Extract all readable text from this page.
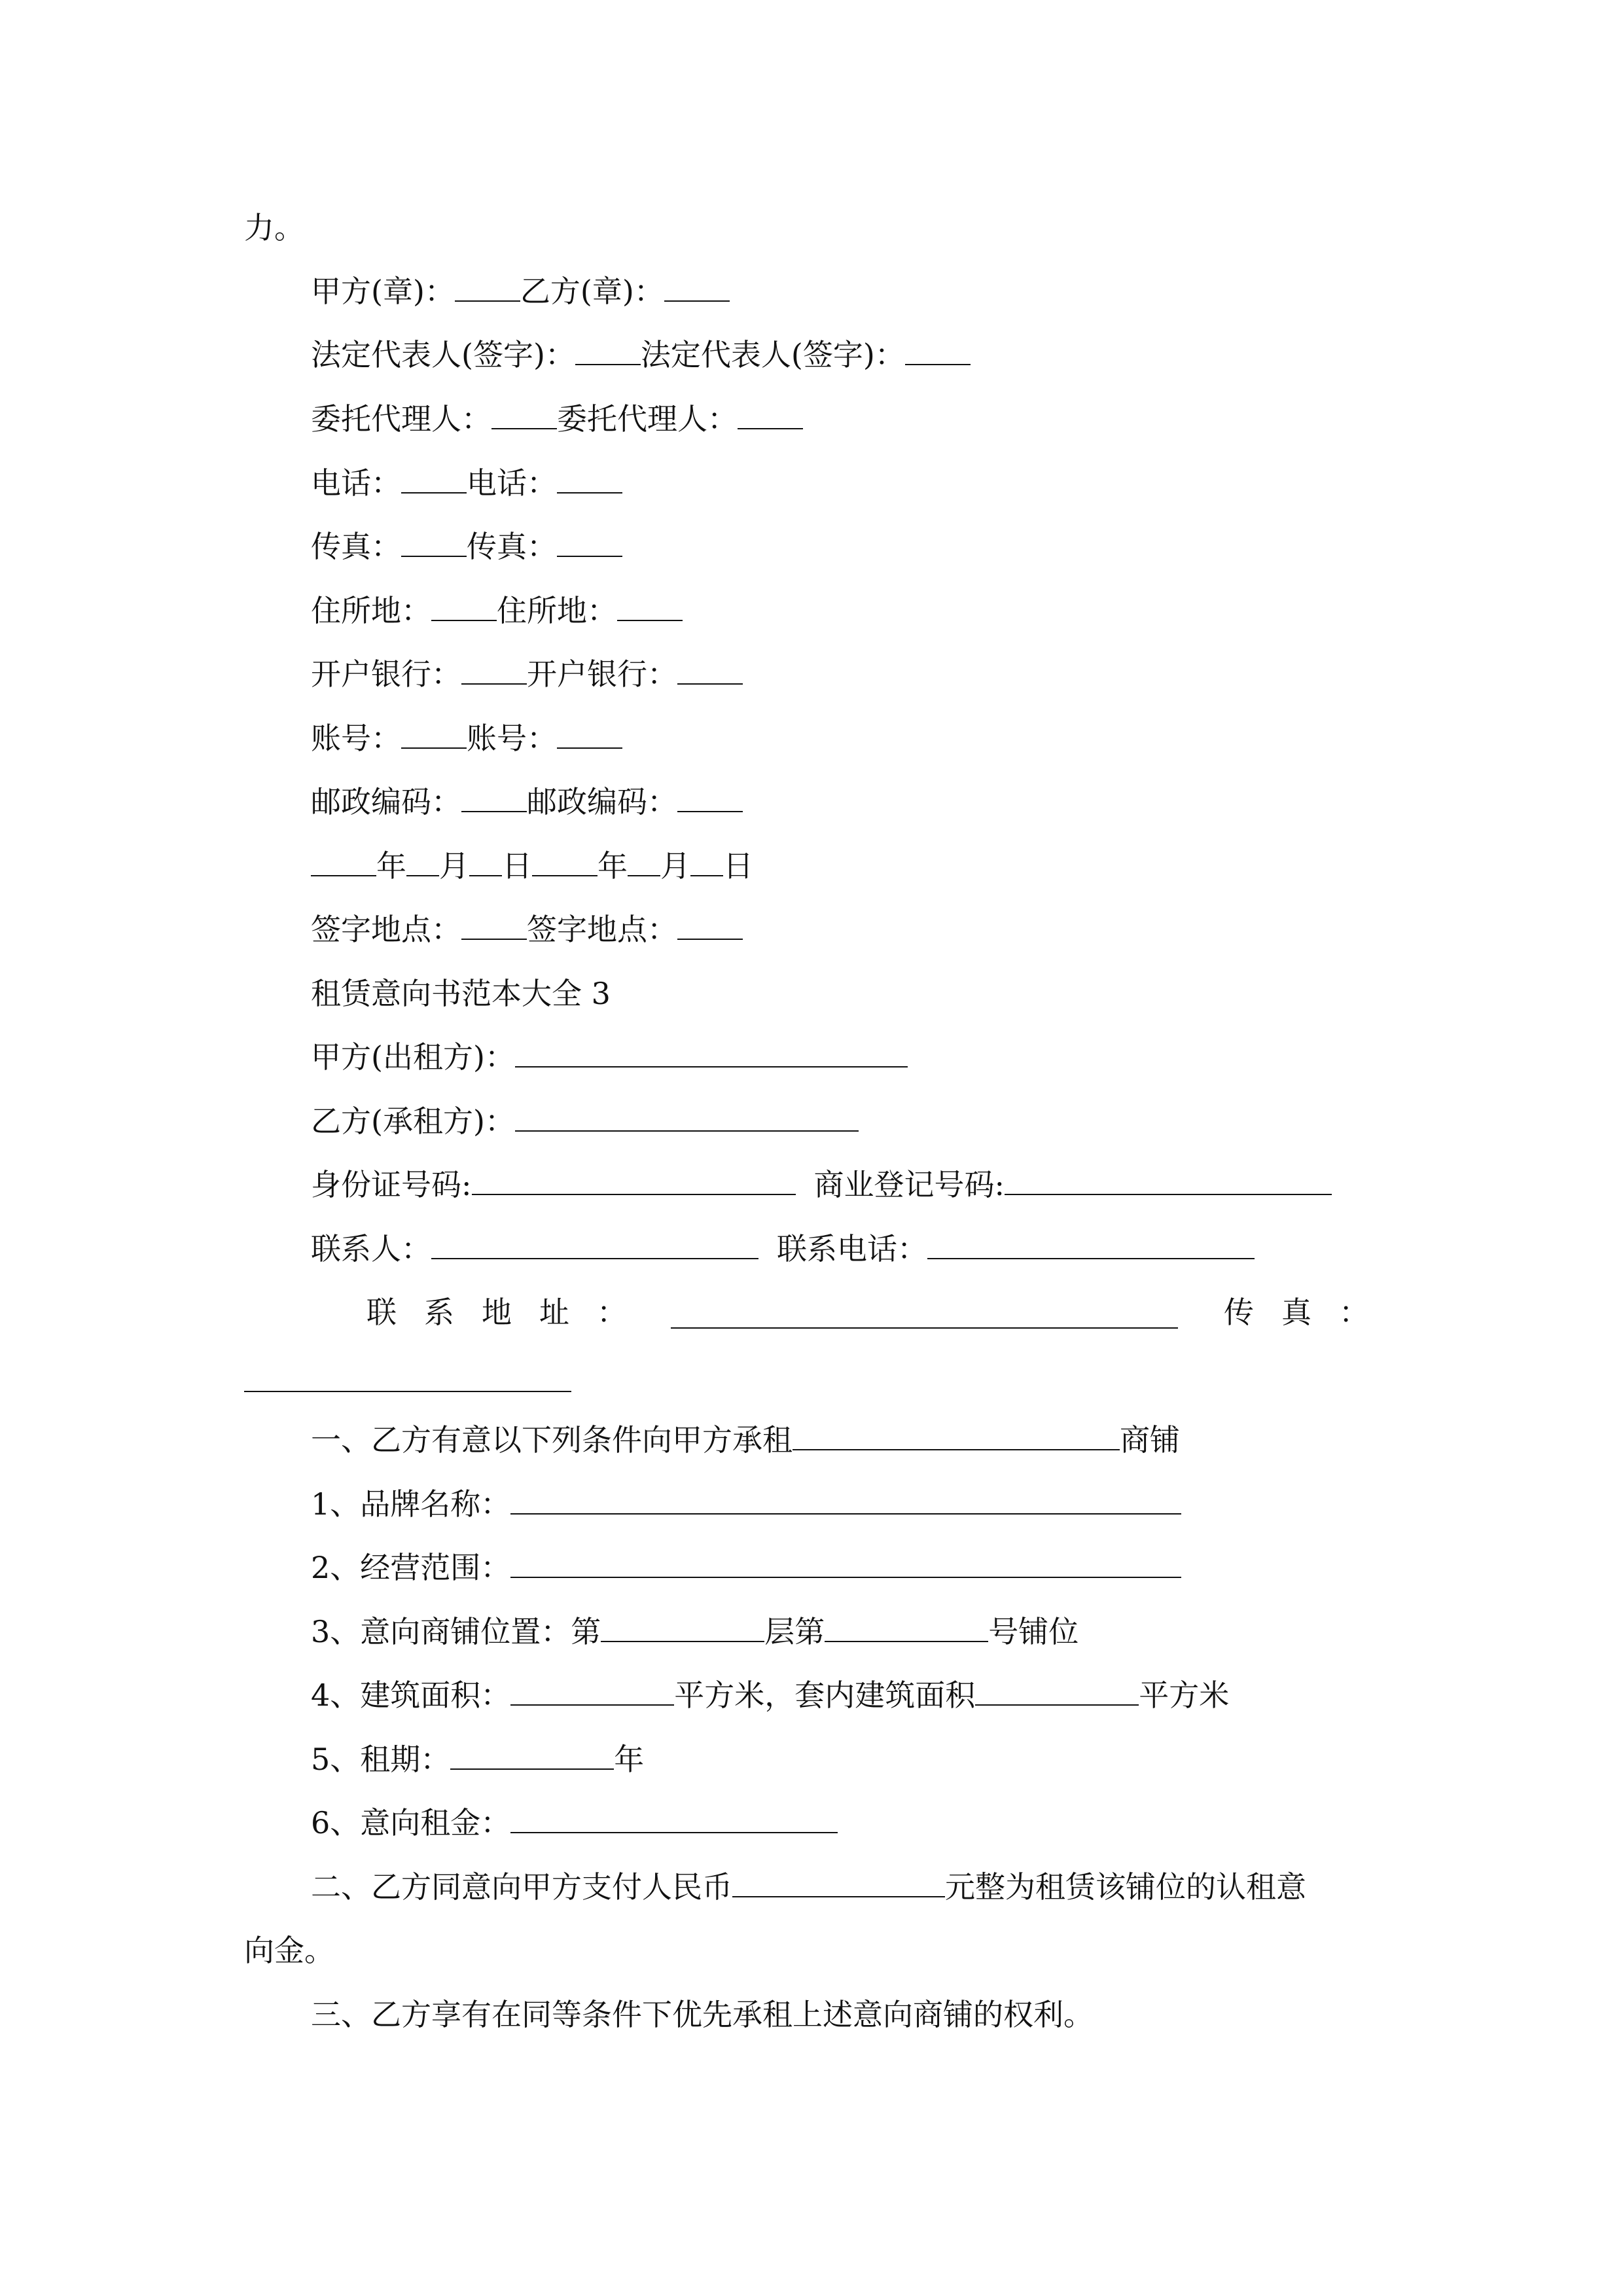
力。
甲方(章)： 乙方(章)：
法定代表人(签字)： 法定代表人(签字)：
委托代理人： 委托代理人：
电话： 电话：
传真： 传真：
住所地： 住所地：
开户银行： 开户银行：
账号： 账号：
邮政编码： 邮政编码：
年 月 日 年 月 日
签字地点： 签字地点：
租赁意向书范本大全 3
甲方(出租方)：
乙方(承租方)：
身份证号码:	商业登记号码:
联系人：	联系电话：
联系地址：	传真：
一、乙方有意以下列条件向甲方承租	商铺
1、品牌名称：
2、经营范围：
3、意向商铺位置：第	层第	号铺位
4、建筑面积：	平方米，套内建筑面积	平方米
5、租期：	年
6、意向租金：
二、乙方同意向甲方支付人民币	元整为租赁该铺位的认租意
向金。
三、乙方享有在同等条件下优先承租上述意向商铺的权利。
